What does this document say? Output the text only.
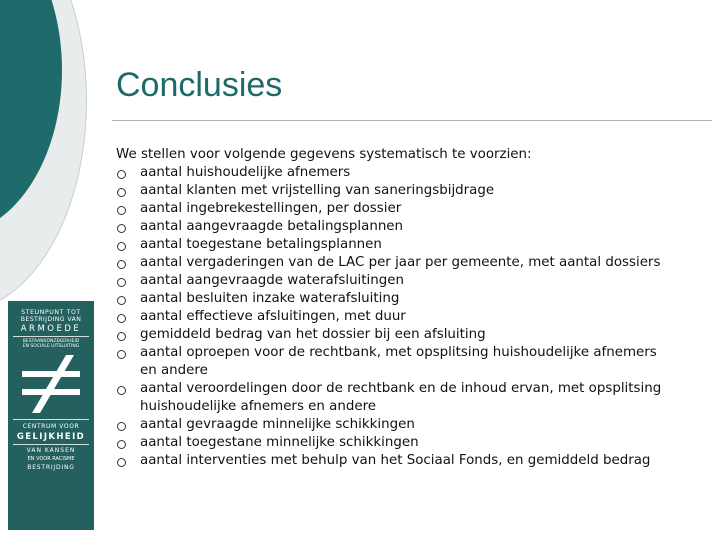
Conclusies

We stellen voor volgende gegevens systematisch te voorzien:

aantal huishoudelijke afnemers
aantal klanten met vrijstelling van saneringsbijdrage
aantal ingebrekestellingen, per dossier
aantal aangevraagde betalingsplannen
aantal toegestane betalingsplannen
aantal vergaderingen van de LAC per jaar per gemeente, met aantal dossiers
aantal aangevraagde waterafsluitingen
aantal besluiten inzake waterafsluiting
aantal effectieve afsluitingen, met duur
gemiddeld bedrag van het dossier bij een afsluiting
aantal oproepen voor de rechtbank, met opsplitsing huishoudelijke afnemers en andere
aantal veroordelingen door de rechtbank en de inhoud ervan, met opsplitsing huishoudelijke afnemers en andere
aantal gevraagde minnelijke schikkingen
aantal toegestane minnelijke schikkingen
aantal interventies met behulp van het Sociaal Fonds, en gemiddeld bedrag
STEUNPUNT TOT
BESTRIJDING VAN
ARMOEDE
BESTAANSONZEKERHEID
EN SOCIALE UITSLUITING
CENTRUM VOOR
GELIJKHEID
VAN KANSEN
EN VOOR RACISME
BESTRIJDING
